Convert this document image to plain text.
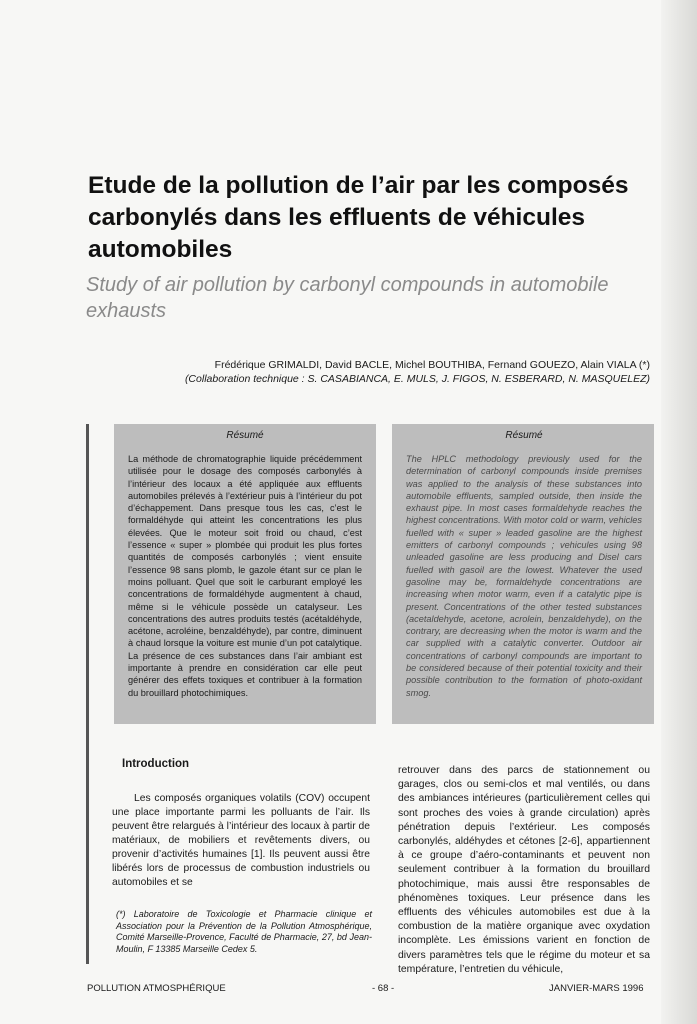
Etude de la pollution de l’air par les composés carbonylés dans les effluents de véhicules automobiles
Study of air pollution by carbonyl compounds in automobile exhausts
Frédérique GRIMALDI, David BACLE, Michel BOUTHIBA, Fernand GOUEZO, Alain VIALA (*)
(Collaboration technique : S. CASABIANCA, E. MULS, J. FIGOS, N. ESBERARD, N. MASQUELEZ)
Résumé

La méthode de chromatographie liquide précédemment utilisée pour le dosage des composés carbonylés à l’intérieur des locaux a été appliquée aux effluents automobiles prélevés à l’extérieur puis à l’intérieur du pot d’échappement. Dans presque tous les cas, c’est le formaldéhyde qui atteint les concentrations les plus élevées. Que le moteur soit froid ou chaud, c’est l’essence « super » plombée qui produit les plus fortes quantités de composés carbonylés ; vient ensuite l’essence 98 sans plomb, le gazole étant sur ce plan le moins polluant. Quel que soit le carburant employé les concentrations de formaldéhyde augmentent à chaud, même si le véhicule possède un catalyseur. Les concentrations des autres produits testés (acétaldéhyde, acétone, acroléine, benzaldéhyde), par contre, diminuent à chaud lorsque la voiture est munie d’un pot catalytique. La présence de ces substances dans l’air ambiant est importante à prendre en considération car elle peut générer des effets toxiques et contribuer à la formation du brouillard photochimiques.

Résumé

The HPLC methodology previously used for the determination of carbonyl compounds inside premises was applied to the analysis of these substances into automobile effluents, sampled outside, then inside the exhaust pipe. In most cases formaldehyde reaches the highest concentrations. With motor cold or warm, vehicles fuelled with « super » leaded gasoline are the highest emitters of carbonyl compounds ; vehicules using 98 unleaded gasoline are less producing and Disel cars fuelled with gasoil are the lowest. Whatever the used gasoline may be, formaldehyde concentrations are increasing when motor warm, even if a catalytic pipe is present. Concentrations of the other tested substances (acetaldehyde, acetone, acrolein, benzaldehyde), on the contrary, are decreasing when the motor is warm and the car supplied with a catalytic converter. Outdoor air concentrations of carbonyl compounds are important to be considered because of their potential toxicity and their possible contribution to the formation of photo-oxidant smog.

Introduction

Les composés organiques volatils (COV) occupent une place importante parmi les polluants de l’air. Ils peuvent être relargués à l’intérieur des locaux à partir de matériaux, de mobiliers et revêtements divers, ou provenir d’activités humaines [1]. Ils peuvent aussi être libérés lors de processus de combustion industriels ou automobiles et se

(*) Laboratoire de Toxicologie et Pharmacie clinique et Association pour la Prévention de la Pollution Atmosphérique, Comité Marseille-Provence, Faculté de Pharmacie, 27, bd Jean-Moulin, F 13385 Marseille Cedex 5.

retrouver dans des parcs de stationnement ou garages, clos ou semi-clos et mal ventilés, ou dans des ambiances intérieures (particulièrement celles qui sont proches des voies à grande circulation) après pénétration depuis l’extérieur. Les composés carbonylés, aldéhydes et cétones [2-6], appartiennent à ce groupe d’aéro-contaminants et peuvent non seulement contribuer à la formation du brouillard photochimique, mais aussi être responsables de phénomènes toxiques. Leur présence dans les effluents des véhicules automobiles est due à la combustion de la matière organique avec oxydation incomplète. Les émissions varient en fonction de divers paramètres tels que le régime du moteur et sa température, l’entretien du véhicule,

POLLUTION ATMOSPHÉRIQUE	- 68 -	JANVIER-MARS 1996
